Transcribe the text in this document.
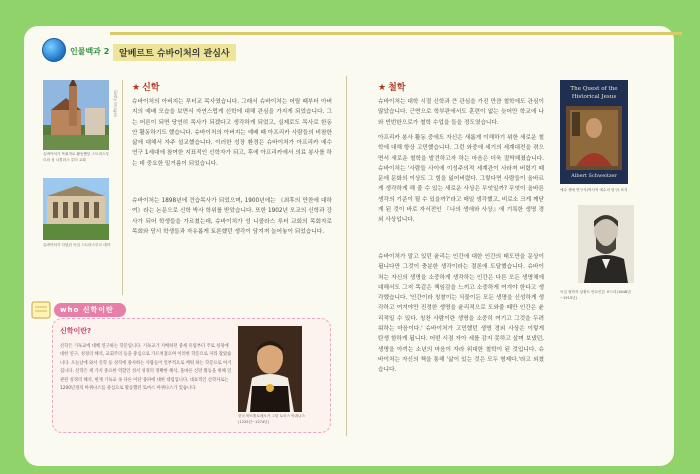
인물백과 2	알베르트 슈바이처의 관심사
슈바이처가 목회자로 활동했던 스트라스부르의 성 니콜라스 루터 교회
슈바이처가 다녔던 독일 스트라스부르 대학
Getty Images
★ 신학
슈바이처의 아버지는 루터교 목사였습니다. 그래서 슈바이처는 어릴 때부터 아버지의 예배 모습을 보면서 자연스럽게 신학에 대해 관심을 가지게 되었습니다. 그는 어른이 되면 당연히 목사가 되겠다고 생각하게 되었고, 실제로도 목사로 한동안 활동하기도 했습니다. 슈바이처의 아버지는 예배 때 아프리카 사람들의 비참한 삶에 대해서 자주 설교했습니다. 이러한 성장 환경은 슈바이처가 아프리카 예수 연구 1세대에 참여한 지표적인 신학자가 되고, 후에 아프리카에서 의료 봉사를 하는 데 중요한 밑거름이 되었습니다.
슈바이처는 1898년에 견습목사가 되었으며, 1900년에는 《최후의 만찬에 대하여》라는 논문으로 신학 박사 학위를 받았습니다. 또한 1902년 모교의 신학과 강사가 되어 학생들을 가르쳤는데, 슈바이처가 성 니콜라스 루터 교회의 목회자로 목회와 당시 학생들과 자유롭게 토론했던 생각이 담겨져 늘어놓이 되었습니다.
who 신학이란
신학이란?
신학은 기독교에 대해 연구하는 학문입니다. 기독교가 지배하던 중세 유럽부터 주로 성경에 대한 연구, 성경의 해석, 교회주의 등을 중심으로 가르쳐졌으며 이러한 학문으로 자리 잡았습니다. 오늘날에 와서 신학 등 성직에 종사하는 사람들이 일부적으로 배워 하는 학문으로 여겨집니다. 신학은 세 가지 중요한 역할인 성서 성경의 정확한 해석, 올바른 신앙 활동을 위해 일관된 성경의 해석, 현재 기독교 속 다른 이단 종파에 대한 대립입니다. 대표적인 신학자로는 1200년경의 아퀴나스를 중심으로 활동했던 토마스 아퀴나스가 있습니다.
한국 바르톨로메오가 그린 토마스 아퀴나스(1225년~1274년)
★ 철학
슈바이처는 대학 시절 신학과 큰 관심을 가진 만큼 철학에도 관심이 많았습니다. 근면으로 학부판에서도 훈련이 없는 늦어만 학교에 나와 빈번한으로가 철학 수업을 들을 정도였습니다.
아프리카 봉사 활동 중에도 자신은 새롭게 이해하기 위한 새로운 철학에 대해 항상 고민했습니다. 그런 와중에 세기의 세계대전을 겪으면서 새로운 철학을 발견하고자 하는 마음은 더욱 절박해졌습니다. 슈바이처는 '사람들 사이에 이성주의적 세계관이 사라져 버렸기 때문에 문화의 이상도 그 힘을 잃어버렸다. 그렇다면 사람들이 올바르게 생각하게 해 줄 수 있는 새로운 사상은 무엇일까? 무엇이 올바른 생각의 기준이 될 수 있을까?'라고 매일 생각했고, 비로소 크게 깨닫게 된 것이 바로 자서전인 『나의 생애와 사상』에 기록한 생명 경외 사상입니다.
슈바이처가 말고 있던 윤리는 인간에 대한 인간의 태도만을 문상이 됩니다만 그것이 충분한 생각이라는 결론에 도달했습니다. 슈바이처는 자신의 생명을 소중하게 생각하는 인간은 다른 모든 생명체에 대해서도 그저 똑같은 책임감을 느끼고 소중하게 여겨야 한다고 생각했습니다. '인간이라 칭찰이는 식물이든 모든 생명을 신성하게 생각하고 여겨야만 진정한 생명을 윤리적으로 도와줄 때만 인간은 윤리적일 수 있다. 칭찬 사람이란 생명을 소중히 여기고 그것을 두려워하는 마음이다.' 슈바이처가 고민했던 생명 경외 사상은 이렇게 탄생 함하게 됩니다. 어떤 시점 자아 세를 감지 못하고 살며 보냈던, 생명을 아끼는 소년의 마음이 자라 위대한 철학이 된 것입니다. 슈바이처는 자신의 책을 통해 '삶이 있는 것은 모두 형제다.'라고 외쳤습니다.
The Quest of the
Historical Jesus
Albert Schweitzer
예수 생애 연구사(역사적 예수의 탐구) 표지
독일 철학자 앙불트 안토인튼 보드리(1848년~1915년)
